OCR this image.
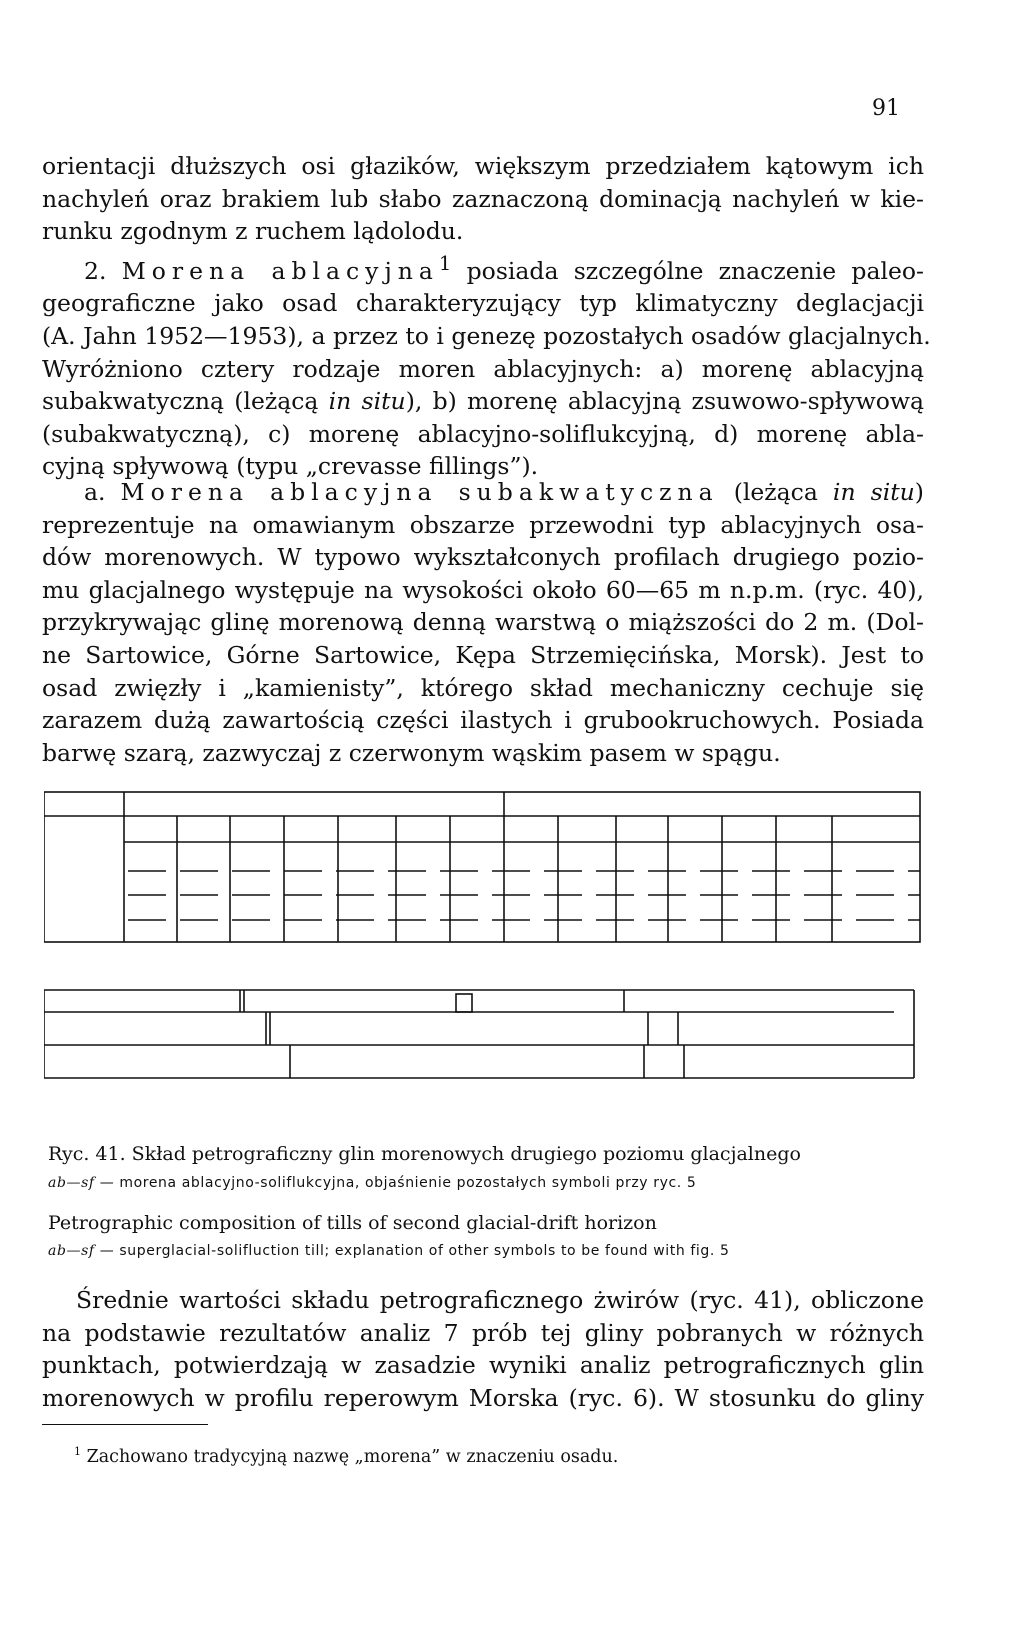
91

orientacji dłuższych osi głazików, większym przedziałem kątowym ich
nachyleń oraz brakiem lub słabo zaznaczoną dominacją nachyleń w kie-
runku zgodnym z ruchem lądolodu.

2. Morena ablacyjna$^1$ posiada szczególne znaczenie paleo-
geograficzne jako osad charakteryzujący typ klimatyczny deglacjacji
(A. Jahn 1952—1953), a przez to i genezę pozostałych osadów glacjalnych.
Wyróżniono cztery rodzaje moren ablacyjnych: a) morenę ablacyjną
subakwatyczną (leżącą in situ), b) morenę ablacyjną zsuwowo-spływową
(subakwatyczną), c) morenę ablacyjno-soliflukcyjną, d) morenę abla-
cyjną spływową (typu „crevasse fillings”).

a. Morena ablacyjna subakwatyczna (leżąca in situ)
reprezentuje na omawianym obszarze przewodni typ ablacyjnych osa-
dów morenowych. W typowo wykształconych profilach drugiego pozio-
mu glacjalnego występuje na wysokości około 60—65 m n.p.m. (ryc. 40),
przykrywając glinę morenową denną warstwą o miąższości do 2 m. (Dol-
ne Sartowice, Górne Sartowice, Kępa Strzemięcińska, Morsk). Jest to
osad zwięzły i „kamienisty”, którego skład mechaniczny cechuje się
zarazem dużą zawartością części ilastych i grubookruchowych. Posiada
barwę szarą, zazwyczaj z czerwonym wąskim pasem w spągu.

Ryc. 41. Skład petrograficzny glin morenowych drugiego poziomu glacjalnego

ab—sf — morena ablacyjno-soliflukcyjna, objaśnienie pozostałych symboli przy ryc. 5

Petrographic composition of tills of second glacial-drift horizon

ab—sf — superglacial-solifluction till; explanation of other symbols to be found with fig. 5

Średnie wartości składu petrograficznego żwirów (ryc. 41), obliczone
na podstawie rezultatów analiz 7 prób tej gliny pobranych w różnych
punktach, potwierdzają w zasadzie wyniki analiz petrograficznych glin
morenowych w profilu reperowym Morska (ryc. 6). W stosunku do gliny

$^1$ Zachowano tradycyjną nazwę „morena” w znaczeniu osadu.
